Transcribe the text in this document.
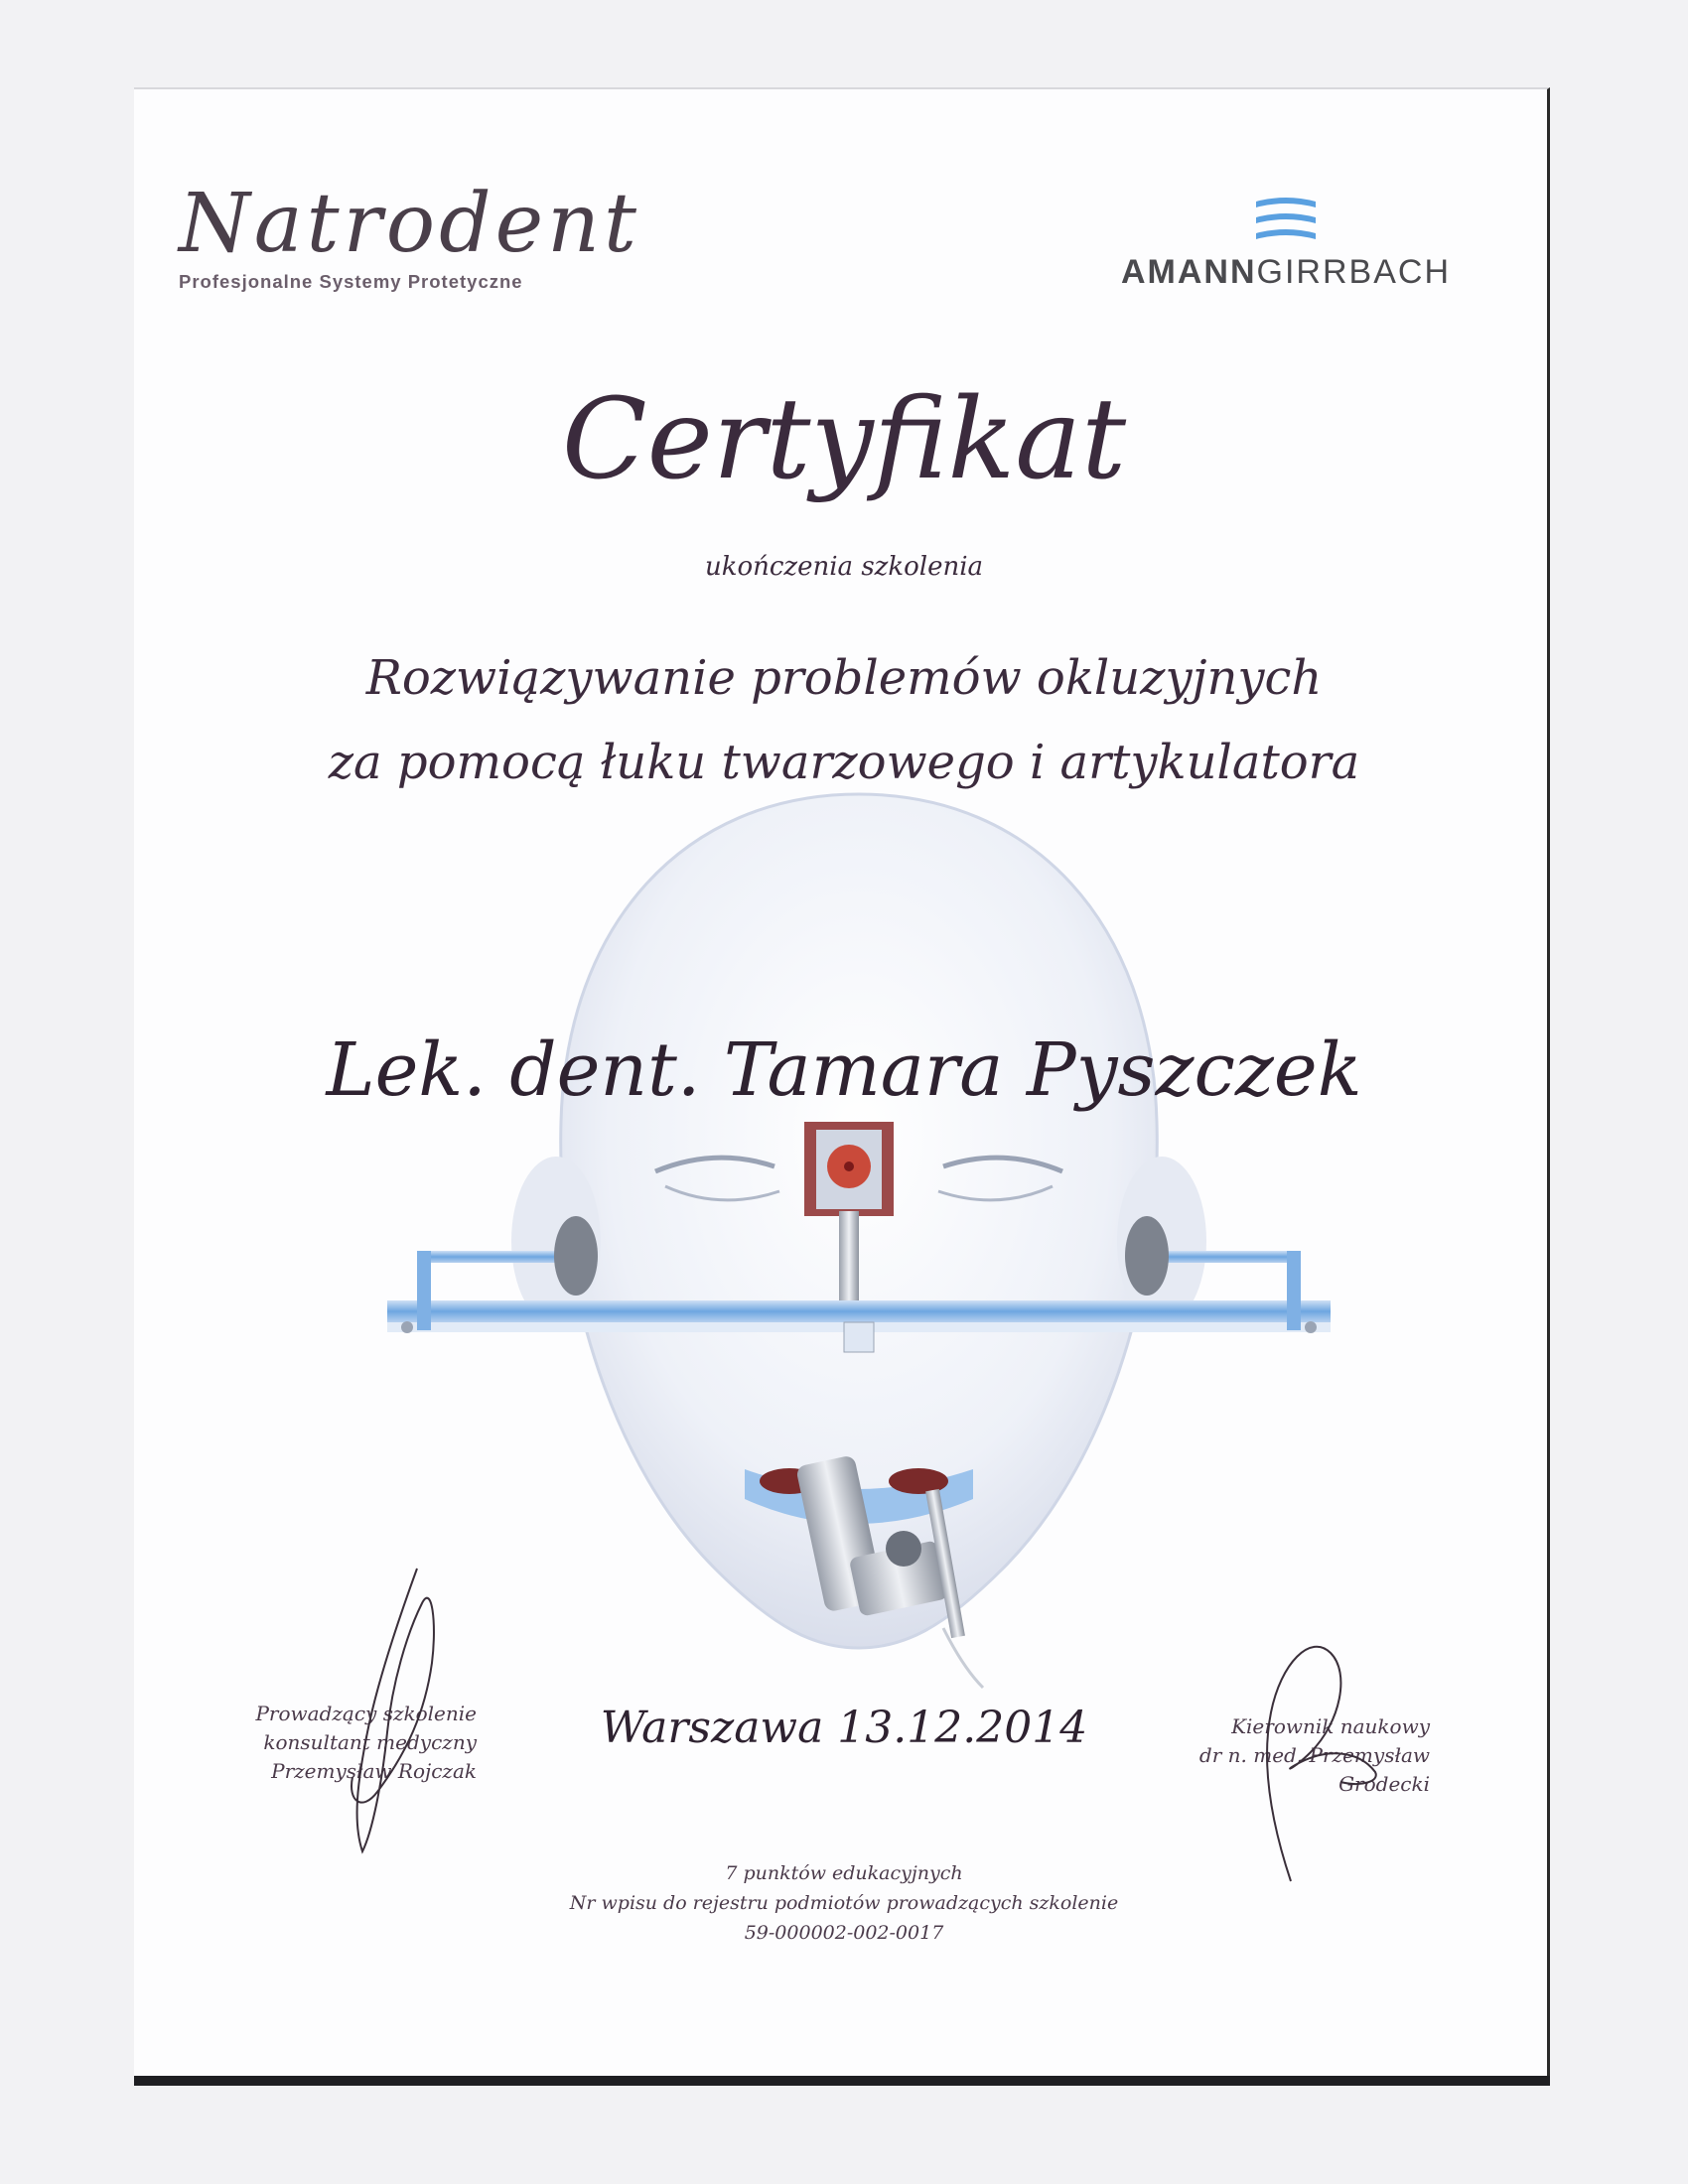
Natrodent
Profesjonalne Systemy Protetyczne	AMANNGIRRBACH
Certyfikat
ukończenia szkolenia
Rozwiązywanie problemów okluzyjnych
za pomocą łuku twarzowego i artykulatora
Lek. dent. Tamara Pyszczek
Warszawa 13.12.2014
Prowadzący szkolenie
konsultant medyczny
Przemysław Rojczak
Kierownik naukowy
dr n. med. Przemysław Grodecki
7 punktów edukacyjnych
Nr wpisu do rejestru podmiotów prowadzących szkolenie
59-000002-002-0017
